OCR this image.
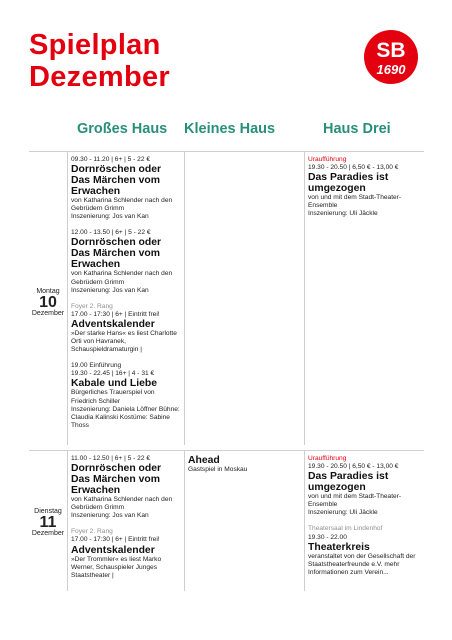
Spielplan
Dezember
SB
1690
Großes Haus Kleines Haus	Haus Drei
Montag
10
Dezember
09.30 - 11.20 | 6+ | 5 - 22 €
Dornröschen oder Das Märchen vom Erwachen
von Katharina Schlender nach den Gebrüdern Grimm
Inszenierung: Jos van Kan
12.00 - 13.50 | 6+ | 5 - 22 €
Dornröschen oder Das Märchen vom Erwachen
von Katharina Schlender nach den Gebrüdern Grimm
Inszenierung: Jos van Kan
Foyer 2. Rang
17.00 - 17:30 | 6+ | Eintritt frei!
Adventskalender
»Der starke Hans« es liest Charlotte Orti von Havranek, Schauspieldramaturgin |
19.00 Einführung
19.30 - 22.45 | 16+ | 4 - 31 €
Kabale und Liebe
Bürgerliches Trauerspiel von Friedrich Schiller
Inszenierung: Daniela Löffner Bühne: Claudia Kalinski Kostüme: Sabine Thoss
Uraufführung
19.30 - 20.50 | 6,50 € - 13,00 €
Das Paradies ist umgezogen
von und mit dem Stadt-Theater-Ensemble
Inszenierung: Uli Jäckle
Dienstag
11
Dezember
11.00 - 12.50 | 6+ | 5 - 22 €
Dornröschen oder Das Märchen vom Erwachen
von Katharina Schlender nach den Gebrüdern Grimm
Inszenierung: Jos van Kan
Foyer 2. Rang
17.00 - 17:30 | 6+ | Eintritt frei!
Adventskalender
»Der Trommler« es liest Marko Werner, Schauspieler Junges Staatstheater |
Ahead
Gastspiel in Moskau
Uraufführung
19.30 - 20.50 | 6,50 € - 13,00 €
Das Paradies ist umgezogen
von und mit dem Stadt-Theater-Ensemble
Inszenierung: Uli Jäckle
Theatersaal im Lindenhof
19.30 - 22.00
Theaterkreis
veranstaltet von der Gesellschaft der Staatstheaterfreunde e.V. mehr Informationen zum Verein...
